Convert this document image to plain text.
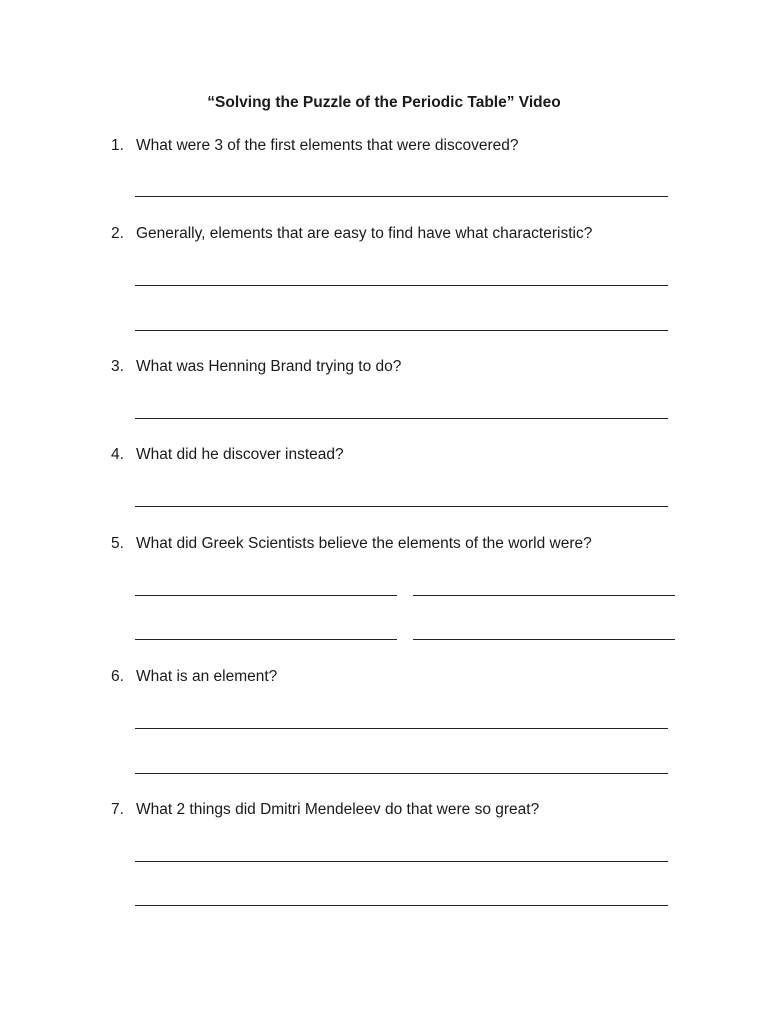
“Solving the Puzzle of the Periodic Table” Video
1. What were 3 of the first elements that were discovered?
2. Generally, elements that are easy to find have what characteristic?
3. What was Henning Brand trying to do?
4. What did he discover instead?
5. What did Greek Scientists believe the elements of the world were?
6. What is an element?
7. What 2 things did Dmitri Mendeleev do that were so great?
